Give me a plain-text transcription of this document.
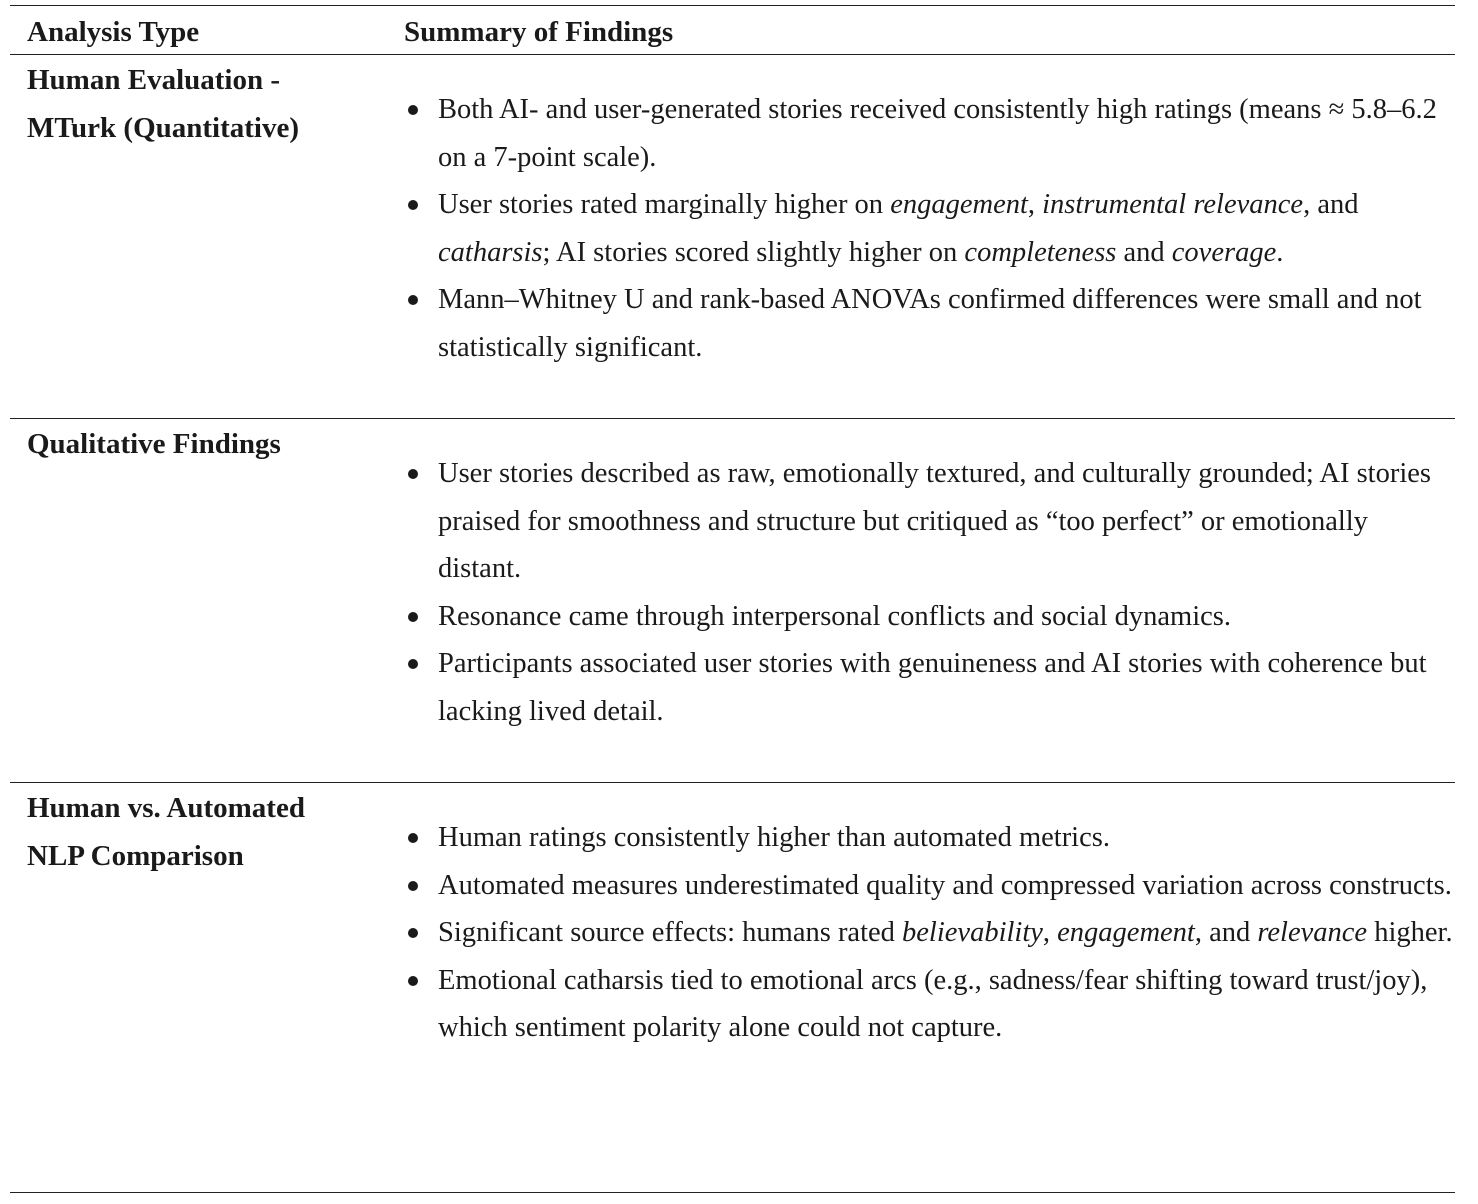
Analysis Type	Summary of Findings
Human Evaluation - MTurk (Quantitative)
Both AI- and user-generated stories received consistently high ratings (means ≈ 5.8–6.2 on a 7-point scale).
User stories rated marginally higher on engagement, instrumental relevance, and catharsis; AI stories scored slightly higher on completeness and coverage.
Mann–Whitney U and rank-based ANOVAs confirmed differences were small and not statistically significant.
Qualitative Findings
User stories described as raw, emotionally textured, and culturally grounded; AI stories praised for smoothness and structure but critiqued as “too perfect” or emotionally distant.
Resonance came through interpersonal conflicts and social dynamics.
Participants associated user stories with genuineness and AI stories with coherence but lacking lived detail.
Human vs. Automated NLP Comparison
Human ratings consistently higher than automated metrics.
Automated measures underestimated quality and compressed variation across constructs.
Significant source effects: humans rated believability, engagement, and relevance higher.
Emotional catharsis tied to emotional arcs (e.g., sadness/fear shifting toward trust/joy), which sentiment polarity alone could not capture.
